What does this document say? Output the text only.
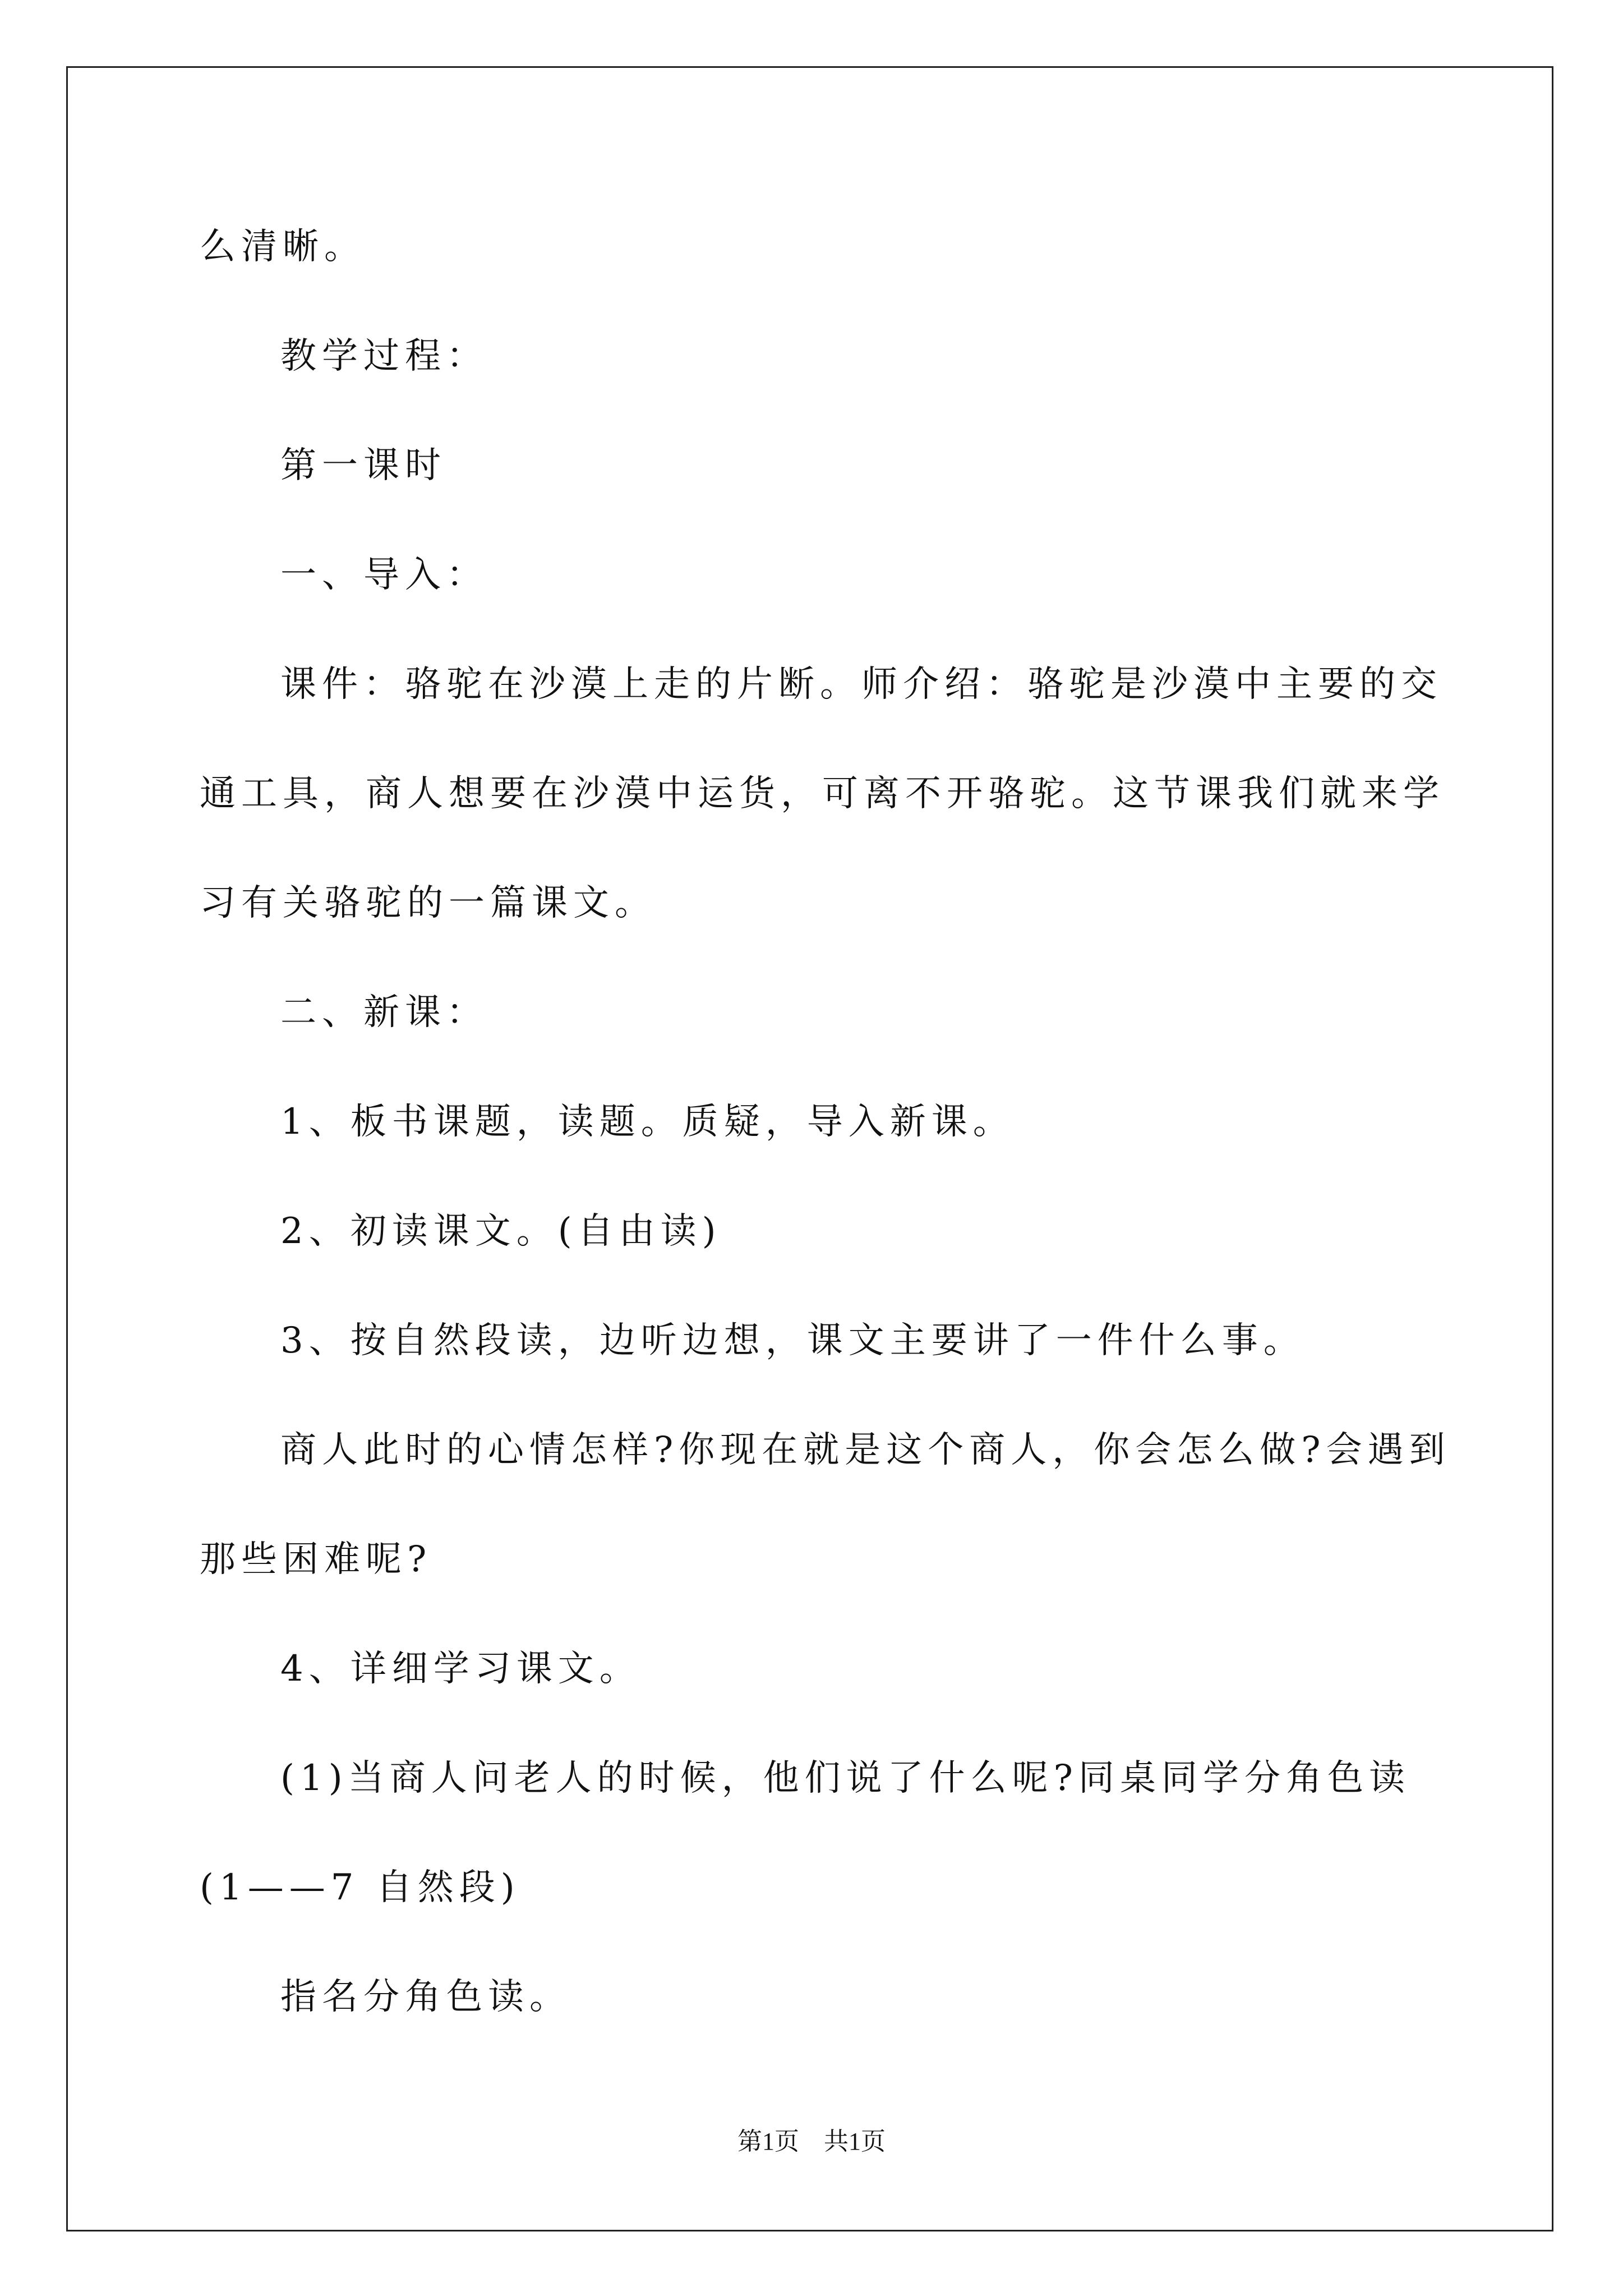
么清晰。
教学过程：
第一课时
一、导入：
课件：骆驼在沙漠上走的片断。师介绍：骆驼是沙漠中主要的交
通工具，商人想要在沙漠中运货，可离不开骆驼。这节课我们就来学
习有关骆驼的一篇课文。
二、新课：
1、板书课题，读题。质疑，导入新课。
2、初读课文。(自由读)
3、按自然段读，边听边想，课文主要讲了一件什么事。
商人此时的心情怎样?你现在就是这个商人，你会怎么做?会遇到
那些困难呢?
4、详细学习课文。
(1)当商人问老人的时候，他们说了什么呢?同桌同学分角色读
(1——7 自然段)
指名分角色读。
第1页　共1页
